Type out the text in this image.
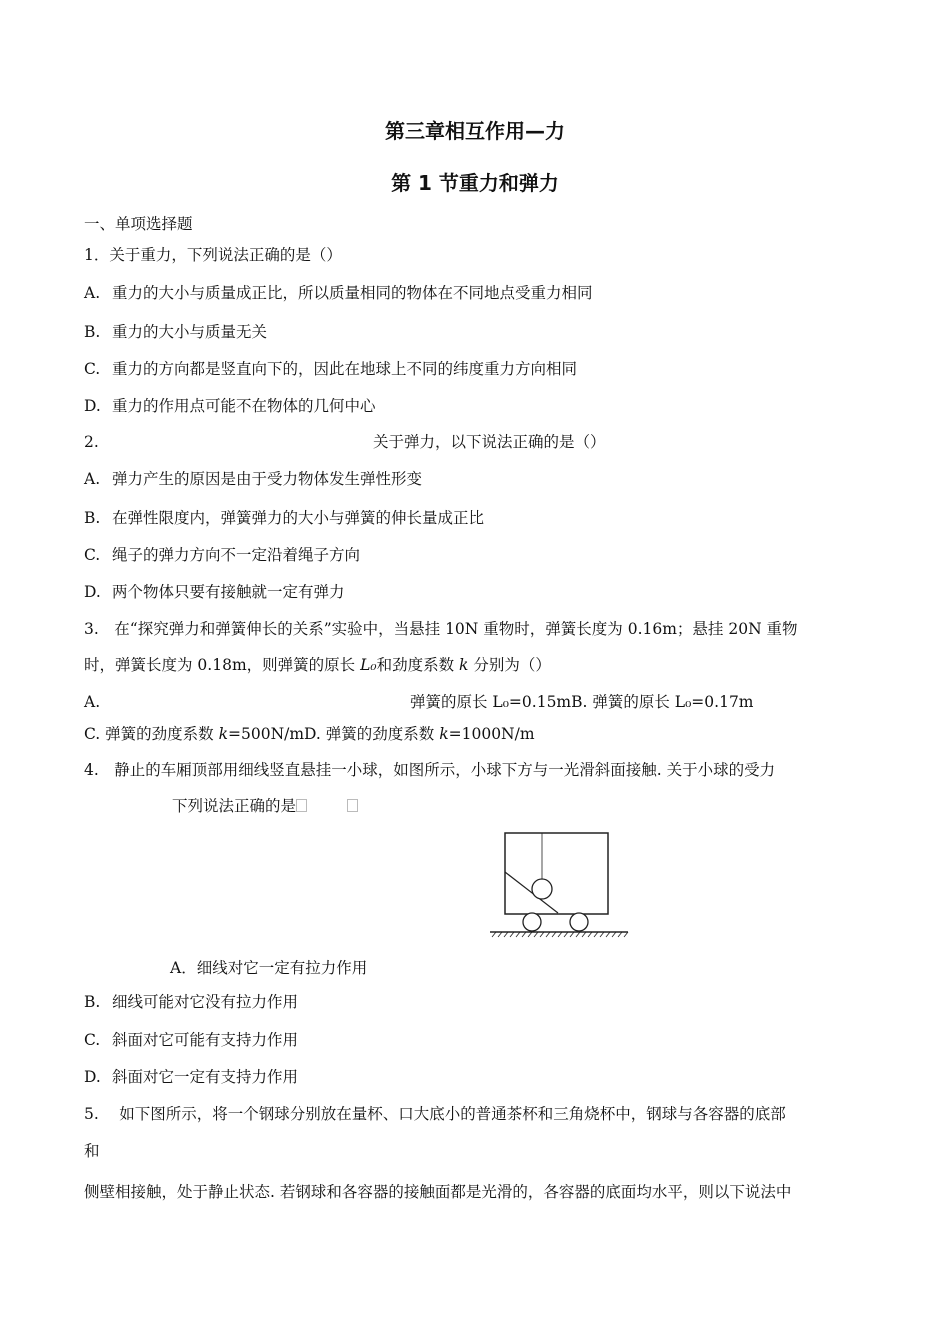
第三章相互作用—力
第 1 节重力和弹力
一、单项选择题
1．关于重力，下列说法正确的是（）
A. 重力的大小与质量成正比，所以质量相同的物体在不同地点受重力相同
B. 重力的大小与质量无关
C. 重力的方向都是竖直向下的，因此在地球上不同的纬度重力方向相同
D. 重力的作用点可能不在物体的几何中心
2.	关于弹力，以下说法正确的是（）
A. 弹力产生的原因是由于受力物体发生弹性形变
B. 在弹性限度内，弹簧弹力的大小与弹簧的伸长量成正比
C. 绳子的弹力方向不一定沿着绳子方向
D. 两个物体只要有接触就一定有弹力
3.　在“探究弹力和弹簧伸长的关系”实验中，当悬挂 10N 重物时，弹簧长度为 0.16m；悬挂 20N 重物
时，弹簧长度为 0.18m，则弹簧的原长 L₀和劲度系数 k 分别为（）
A.	弹簧的原长 L₀=0.15mB. 弹簧的原长 L₀=0.17m
C. 弹簧的劲度系数 k=500N/mD. 弹簧的劲度系数 k=1000N/m
4.　静止的车厢顶部用细线竖直悬挂一小球，如图所示，小球下方与一光滑斜面接触. 关于小球的受力
下列说法正确的是
A．细线对它一定有拉力作用
B. 细线可能对它没有拉力作用
C. 斜面对它可能有支持力作用
D. 斜面对它一定有支持力作用
5.　 如下图所示，将一个钢球分别放在量杯、口大底小的普通茶杯和三角烧杯中，钢球与各容器的底部
和
侧壁相接触，处于静止状态. 若钢球和各容器的接触面都是光滑的，各容器的底面均水平，则以下说法中
